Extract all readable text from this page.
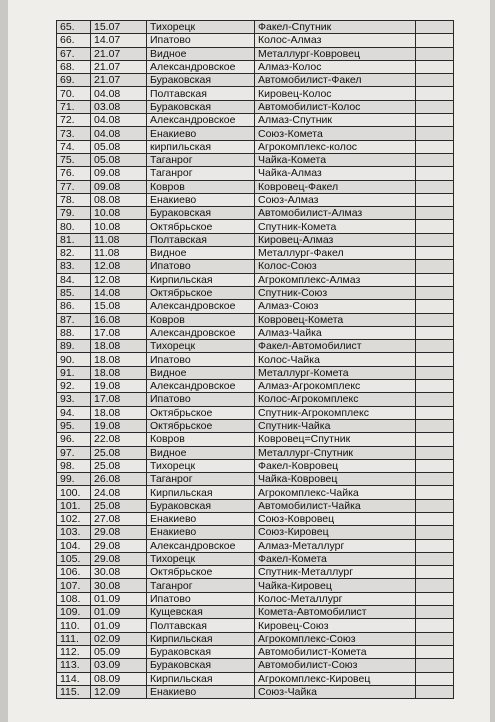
65.	15.07	Тихорецк	Факел-Спутник	
66.	14.07	Ипатово	Колос-Алмаз	
67.	21.07	Видное	Металлург-Ковровец	
68.	21.07	Александровское	Алмаз-Колос	
69.	21.07	Бураковская	Автомобилист-Факел	
70.	04.08	Полтавская	Кировец-Колос	
71.	03.08	Бураковская	Автомобилист-Колос	
72.	04.08	Александровское	Алмаз-Спутник	
73.	04.08	Енакиево	Союз-Комета	
74.	05.08	кирпильская	Агрокомплекс-колос	
75.	05.08	Таганрог	Чайка-Комета	
76.	09.08	Таганрог	Чайка-Алмаз	
77.	09.08	Ковров	Ковровец-Факел	
78.	08.08	Енакиево	Союз-Алмаз	
79.	10.08	Бураковская	Автомобилист-Алмаз	
80.	10.08	Октябрьское	Спутник-Комета	
81.	11.08	Полтавская	Кировец-Алмаз	
82.	11.08	Видное	Металлург-Факел	
83.	12.08	Ипатово	Колос-Союз	
84.	12.08	Кирпильская	Агрокомплекс-Алмаз	
85.	14.08	Октябрьское	Спутник-Союз	
86.	15.08	Александровское	Алмаз-Союз	
87.	16.08	Ковров	Ковровец-Комета	
88.	17.08	Александровское	Алмаз-Чайка	
89.	18.08	Тихорецк	Факел-Автомобилист	
90.	18.08	Ипатово	Колос-Чайка	
91.	18.08	Видное	Металлург-Комета	
92.	19.08	Александровское	Алмаз-Агрокомплекс	
93.	17.08	Ипатово	Колос-Агрокомплекс	
94.	18.08	Октябрьское	Спутник-Агрокомплекс	
95.	19.08	Октябрьское	Спутник-Чайка	
96.	22.08	Ковров	Ковровец=Спутник	
97.	25.08	Видное	Металлург-Спутник	
98.	25.08	Тихорецк	Факел-Ковровец	
99.	26.08	Таганрог	Чайка-Ковровец	
100.	24.08	Кирпильская	Агрокомплекс-Чайка	
101.	25.08	Бураковская	Автомобилист-Чайка	
102.	27.08	Енакиево	Союз-Ковровец	
103.	29.08	Енакиево	Союз-Кировец	
104.	29.08	Александровское	Алмаз-Металлург	
105.	29.08	Тихорецк	Факел-Комета	
106.	30.08	Октябрьское	Спутник-Металлург	
107.	30.08	Таганрог	Чайка-Кировец	
108.	01.09	Ипатово	Колос-Металлург	
109.	01.09	Кущевская	Комета-Автомобилист	
110.	01.09	Полтавская	Кировец-Союз	
111.	02.09	Кирпильская	Агрокомплекс-Союз	
112.	05.09	Бураковская	Автомобилист-Комета	
113.	03.09	Бураковская	Автомобилист-Союз	
114.	08.09	Кирпильская	Агрокомплекс-Кировец	
115.	12.09	Енакиево	Союз-Чайка	
